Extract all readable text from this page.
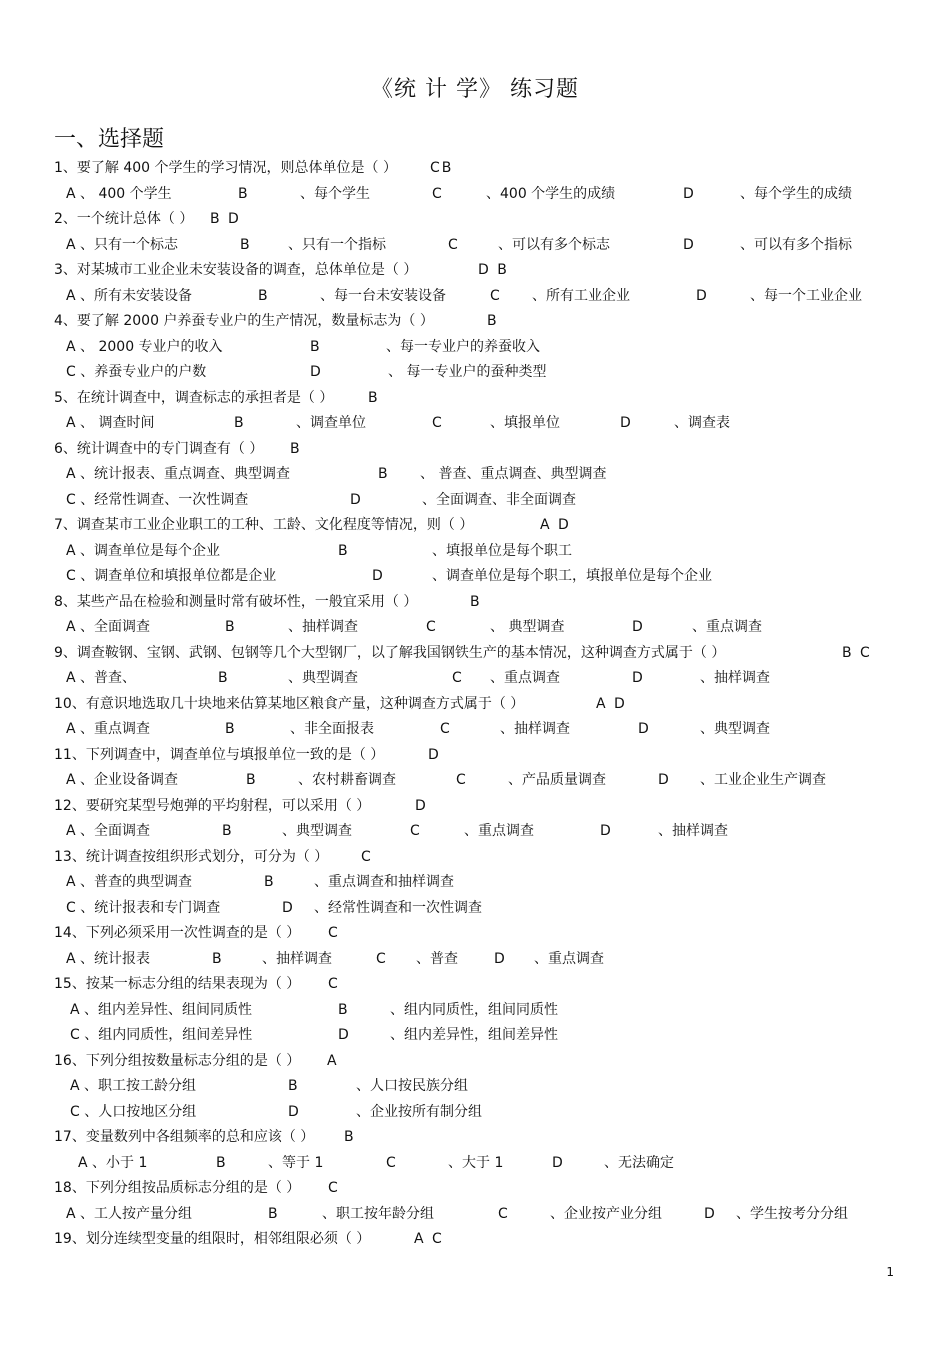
《统 计 学》 练习题
一、选择题
1、要了解 400 个学生的学习情况，则总体单位是（ ）	CB
A 、 400 个学生	B	、每个学生	C	、400 个学生的成绩	D	、每个学生的成绩
2、一个统计总体（ ）	B D
A 、只有一个标志	B	、只有一个指标	C	、可以有多个标志	D	、可以有多个指标
3、对某城市工业企业未安装设备的调查，总体单位是（ ）	D B
A 、所有未安装设备	B	、每一台未安装设备	C 、所有工业企业	D	、每一个工业企业
4、要了解 2000 户养蚕专业户的生产情况，数量标志为（ ）	B
A 、 2000 专业户的收入	B	、每一专业户的养蚕收入
C 、养蚕专业户的户数	D	、 每一专业户的蚕种类型
5、在统计调查中，调查标志的承担者是（ ）	B
A 、 调查时间	B	、调查单位	C	、填报单位	D	、调查表
6、统计调查中的专门调查有（ ）	B
A 、统计报表、重点调查、典型调查	B 、 普查、重点调查、典型调查
C 、经常性调查、一次性调查	D	、全面调查、非全面调查
7、调查某市工业企业职工的工种、工龄、文化程度等情况，则（ ）	A D
A 、调查单位是每个企业	B	、填报单位是每个职工
C 、调查单位和填报单位都是企业	D	、调查单位是每个职工，填报单位是每个企业
8、某些产品在检验和测量时常有破坏性，一般宜采用（ ）	B
A 、全面调查	B	、抽样调查	C	、 典型调查	D	、重点调查
9、调查鞍钢、宝钢、武钢、包钢等几个大型钢厂，以了解我国钢铁生产的基本情况，这种调查方式属于（ ）	B C
A 、普查、	B	、典型调查	C 、重点调查	D	、抽样调查
10、有意识地选取几十块地来估算某地区粮食产量，这种调查方式属于（ ）	A D
A 、重点调查	B	、非全面报表	C	、抽样调查	D	、典型调查
11、下列调查中，调查单位与填报单位一致的是（ ）	D
A 、企业设备调查	B	、农村耕畜调查	C	、产品质量调查	D 、工业企业生产调查
12、要研究某型号炮弹的平均射程，可以采用（ ）	D
A 、全面调查	B	、典型调查	C	、重点调查	D	、抽样调查
13、统计调查按组织形式划分，可分为（ ）	C
A 、普查的典型调查	B	、重点调查和抽样调查
C 、统计报表和专门调查	D 、经常性调查和一次性调查
14、下列必须采用一次性调查的是（ ）	C
A 、统计报表	B	、抽样调查	C 、普查	D 、重点调查
15、按某一标志分组的结果表现为（ ）	C
A 、组内差异性、组间同质性	B	、组内同质性，组间同质性
C 、组内同质性，组间差异性	D	、组内差异性，组间差异性
16、下列分组按数量标志分组的是（ ）	A
A 、职工按工龄分组	B	、人口按民族分组
C 、人口按地区分组	D	、企业按所有制分组
17、变量数列中各组频率的总和应该（ ）	B
A 、小于 1	B	、等于 1	C	、大于 1	D	、无法确定
18、下列分组按品质标志分组的是（ ）	C
A 、工人按产量分组	B	、职工按年龄分组	C	、企业按产业分组	D 、学生按考分分组
19、划分连续型变量的组限时，相邻组限必须（ ）	A C
1
